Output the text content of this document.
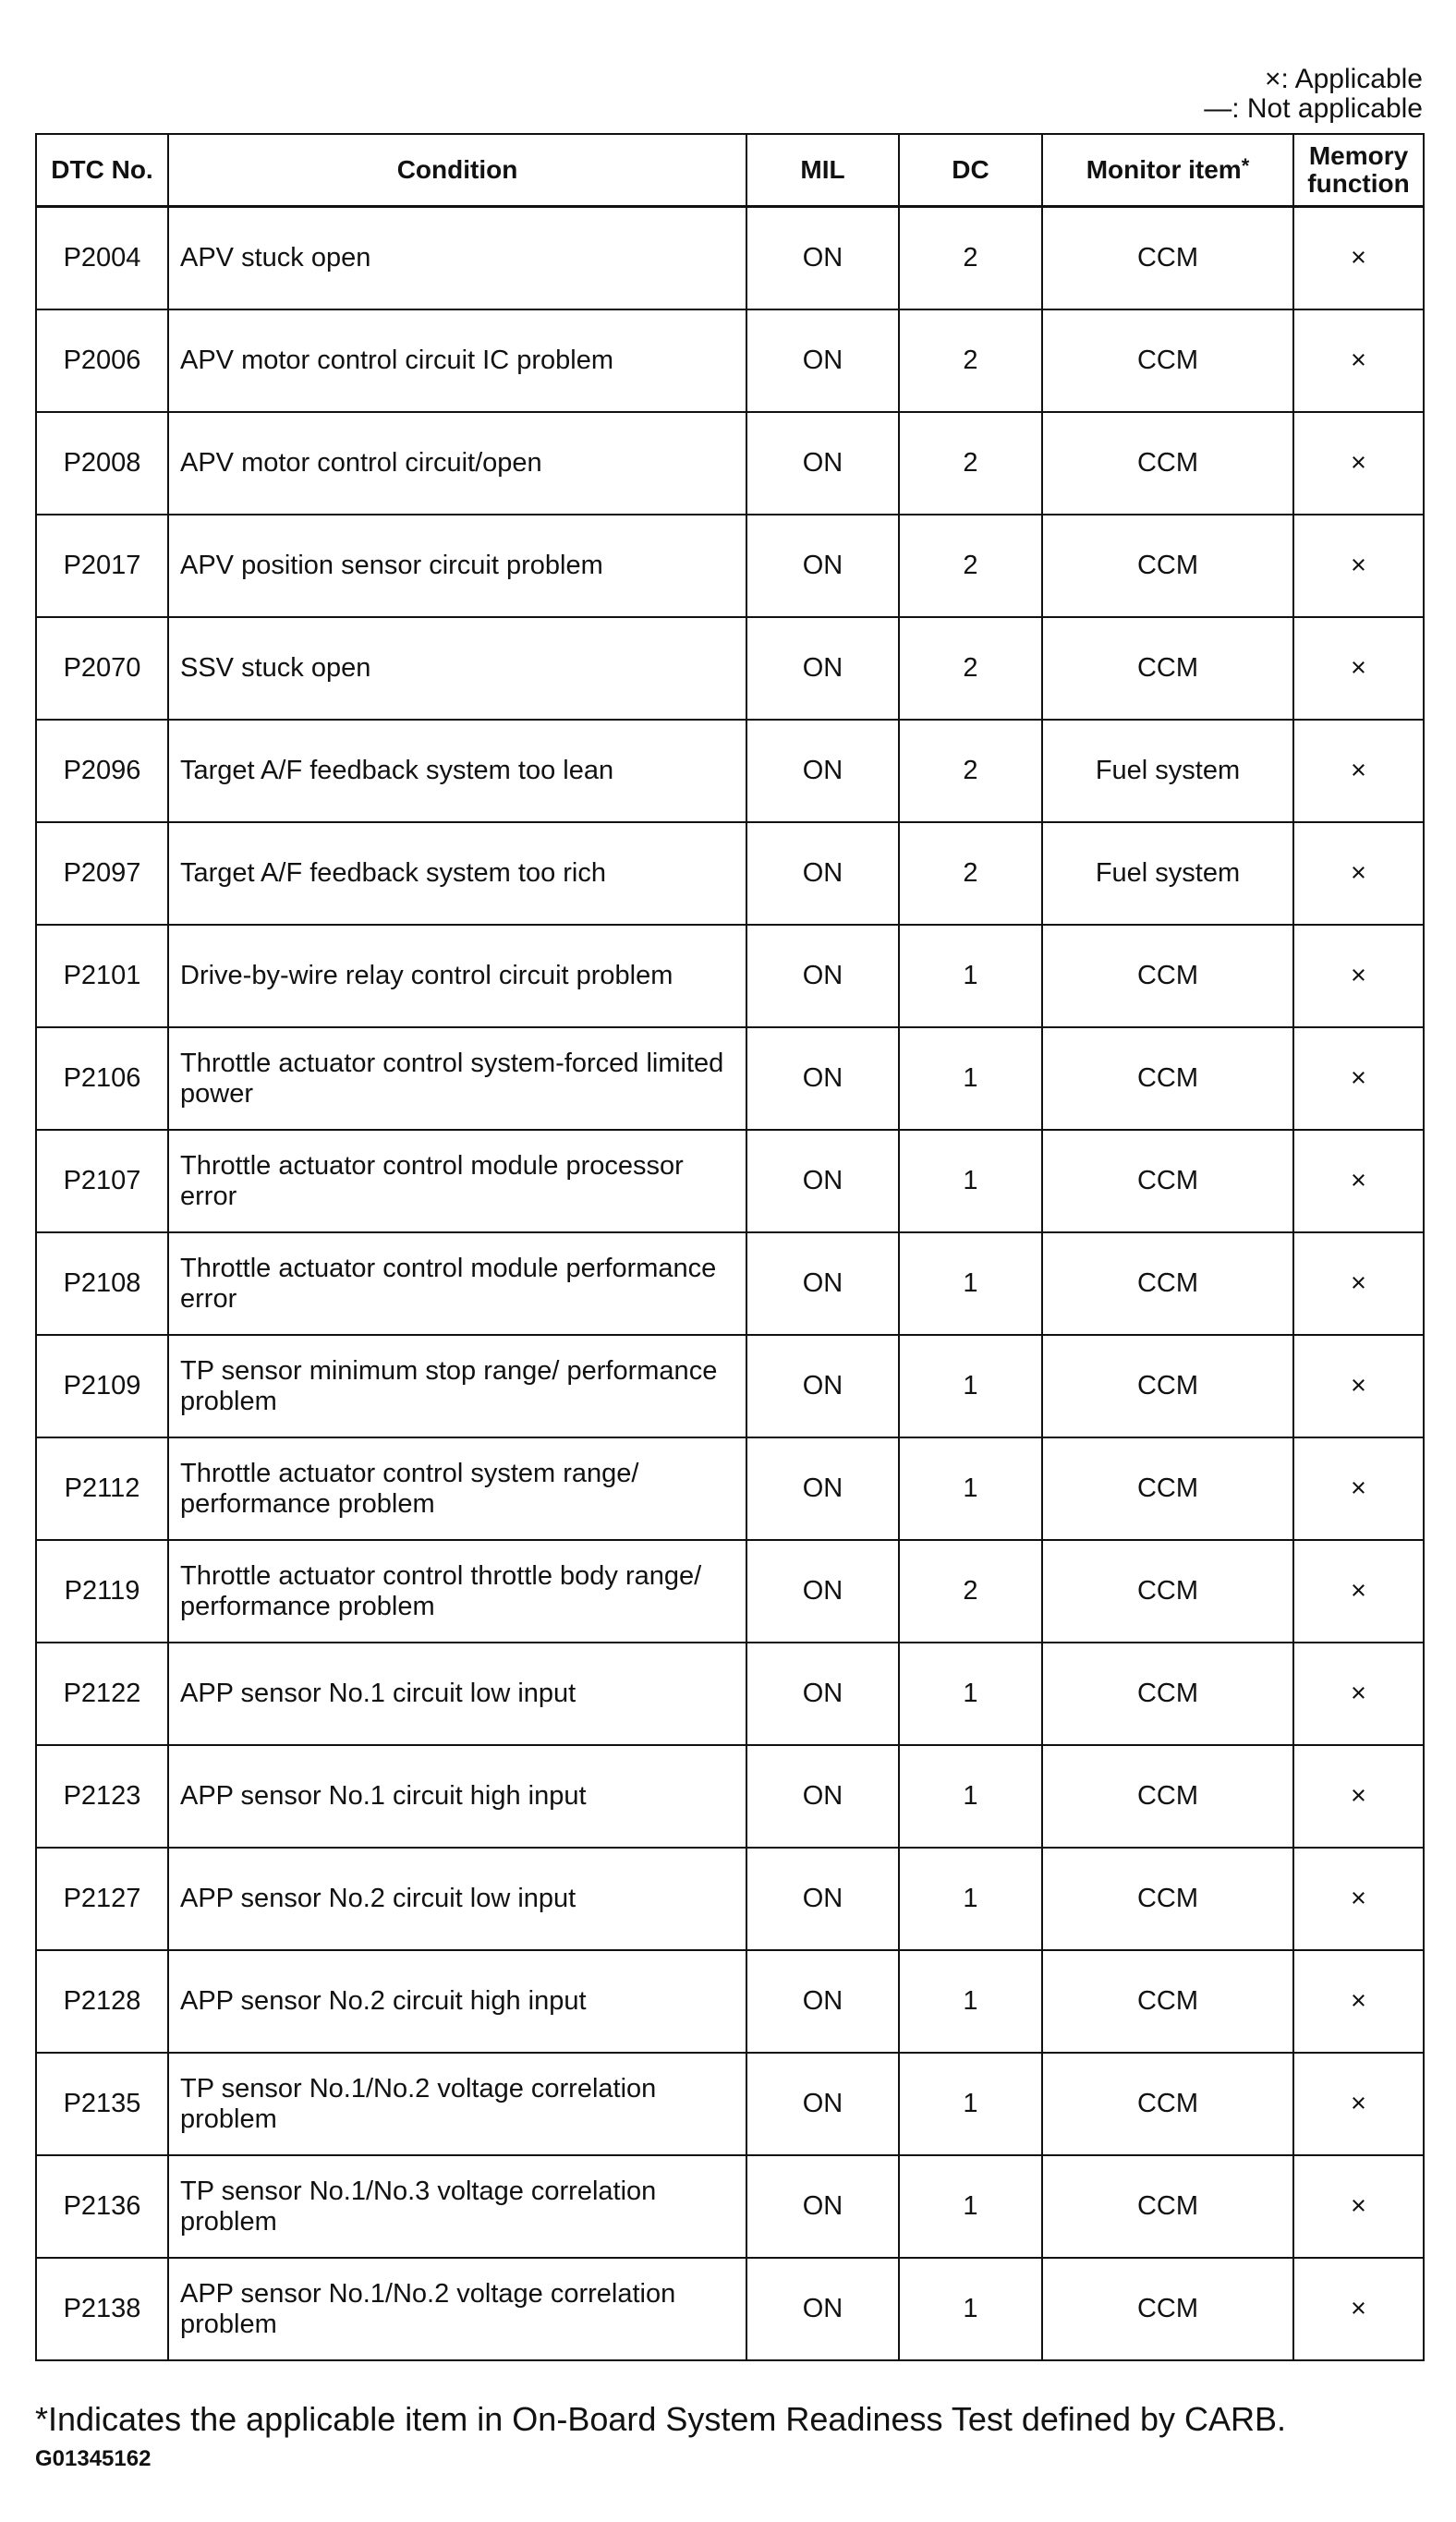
×: Applicable
—: Not applicable
DTC No.	Condition	MIL	DC	Monitor item*	Memory function
P2004	APV stuck open	ON	2	CCM	×
P2006	APV motor control circuit IC problem	ON	2	CCM	×
P2008	APV motor control circuit/open	ON	2	CCM	×
P2017	APV position sensor circuit problem	ON	2	CCM	×
P2070	SSV stuck open	ON	2	CCM	×
P2096	Target A/F feedback system too lean	ON	2	Fuel system	×
P2097	Target A/F feedback system too rich	ON	2	Fuel system	×
P2101	Drive-by-wire relay control circuit problem	ON	1	CCM	×
P2106	Throttle actuator control system-forced limited power	ON	1	CCM	×
P2107	Throttle actuator control module processor error	ON	1	CCM	×
P2108	Throttle actuator control module performance error	ON	1	CCM	×
P2109	TP sensor minimum stop range/ performance problem	ON	1	CCM	×
P2112	Throttle actuator control system range/ performance problem	ON	1	CCM	×
P2119	Throttle actuator control throttle body range/ performance problem	ON	2	CCM	×
P2122	APP sensor No.1 circuit low input	ON	1	CCM	×
P2123	APP sensor No.1 circuit high input	ON	1	CCM	×
P2127	APP sensor No.2 circuit low input	ON	1	CCM	×
P2128	APP sensor No.2 circuit high input	ON	1	CCM	×
P2135	TP sensor No.1/No.2 voltage correlation problem	ON	1	CCM	×
P2136	TP sensor No.1/No.3 voltage correlation problem	ON	1	CCM	×
P2138	APP sensor No.1/No.2 voltage correlation problem	ON	1	CCM	×
*Indicates the applicable item in On-Board System Readiness Test defined by CARB.
G01345162
